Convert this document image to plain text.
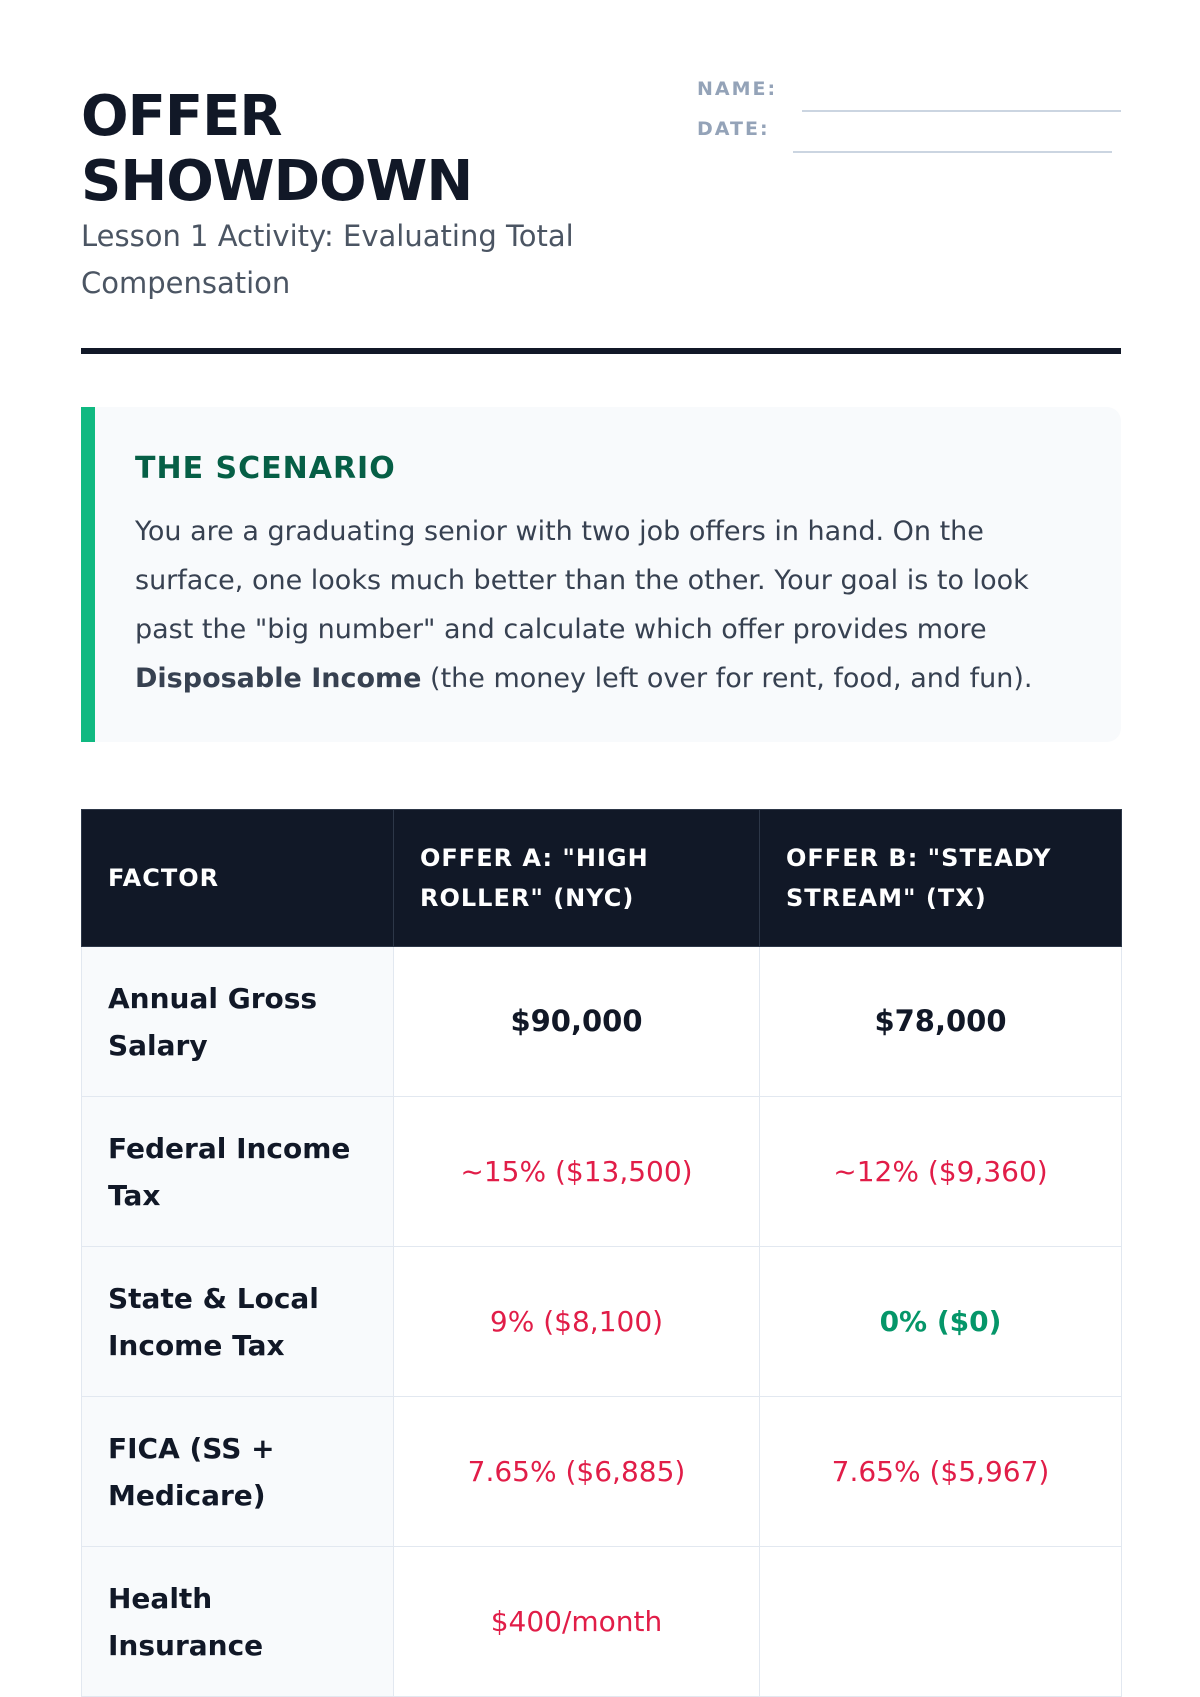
OFFER SHOWDOWN
Lesson 1 Activity: Evaluating Total Compensation
NAME:
DATE:
THE SCENARIO
You are a graduating senior with two job offers in hand. On the surface, one looks much better than the other. Your goal is to look past the "big number" and calculate which offer provides more Disposable Income (the money left over for rent, food, and fun).
FACTOR	OFFER A: "HIGH ROLLER" (NYC)	OFFER B: "STEADY STREAM" (TX)
Annual Gross Salary	$90,000	$78,000
Federal Income Tax	~15% ($13,500)	~12% ($9,360)
State & Local Income Tax	9% ($8,100)	0% ($0)
FICA (SS + Medicare)	7.65% ($6,885)	7.65% ($5,967)
Health Insurance	$400/month	
